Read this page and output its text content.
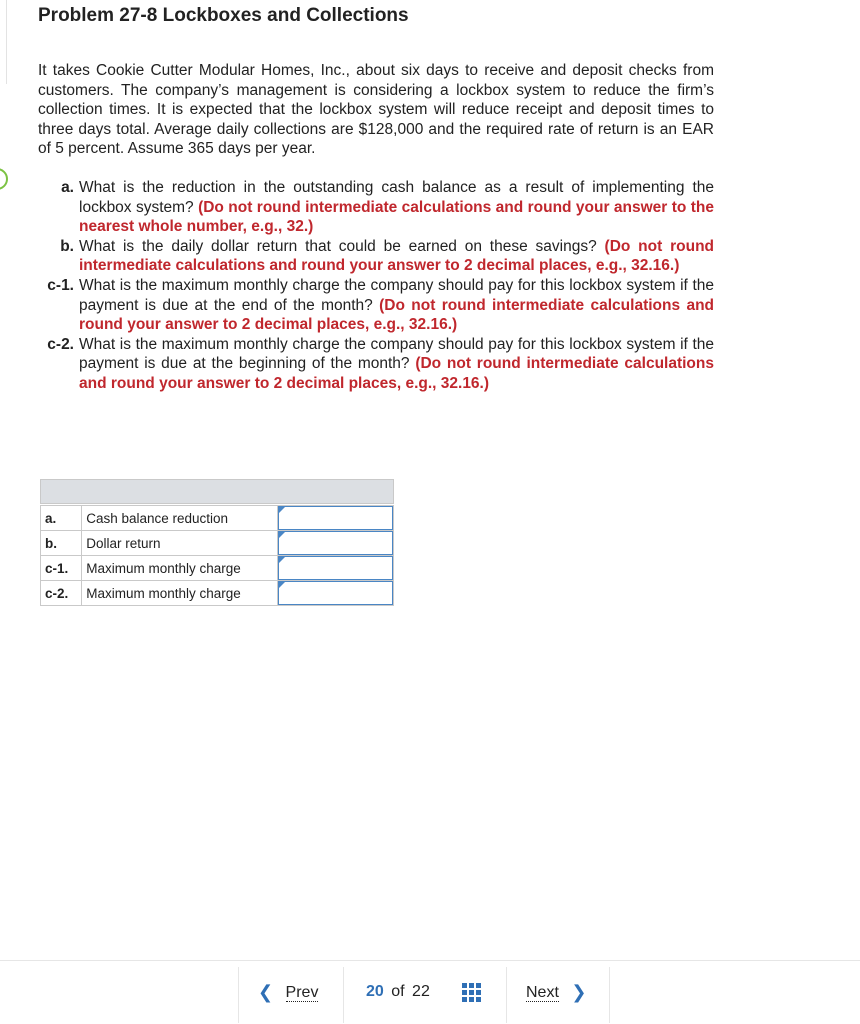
Problem 27-8 Lockboxes and Collections

It takes Cookie Cutter Modular Homes, Inc., about six days to receive and deposit checks from customers. The company’s management is considering a lockbox system to reduce the firm’s collection times. It is expected that the lockbox system will reduce receipt and deposit times to three days total. Average daily collections are $128,000 and the required rate of return is an EAR of 5 percent. Assume 365 days per year.

a. What is the reduction in the outstanding cash balance as a result of implementing the lockbox system? (Do not round intermediate calculations and round your answer to the nearest whole number, e.g., 32.)
b. What is the daily dollar return that could be earned on these savings? (Do not round intermediate calculations and round your answer to 2 decimal places, e.g., 32.16.)
c-1. What is the maximum monthly charge the company should pay for this lockbox system if the payment is due at the end of the month? (Do not round intermediate calculations and round your answer to 2 decimal places, e.g., 32.16.)
c-2. What is the maximum monthly charge the company should pay for this lockbox system if the payment is due at the beginning of the month? (Do not round intermediate calculations and round your answer to 2 decimal places, e.g., 32.16.)

a.	Cash balance reduction	

b.	Dollar return	

c-1.	Maximum monthly charge	

c-2.	Maximum monthly charge	
❮ Prev	20 of 22	Next ❯
